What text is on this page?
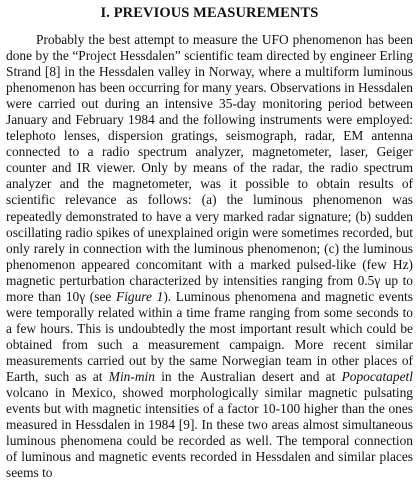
I. PREVIOUS MEASUREMENTS

Probably the best attempt to measure the UFO phenomenon has been done by the “Project Hessdalen” scientific team directed by engineer Erling Strand [8] in the Hessdalen valley in Norway, where a multiform luminous phenomenon has been occurring for many years. Observations in Hessdalen were carried out during an intensive 35-day monitoring period between January and February 1984 and the following instruments were employed: telephoto lenses, dispersion gratings, seismograph, radar, EM antenna connected to a radio spectrum analyzer, magnetometer, laser, Geiger counter and IR viewer. Only by means of the radar, the radio spectrum analyzer and the magnetometer, was it possible to obtain results of scientific relevance as follows: (a) the luminous phenomenon was repeatedly demonstrated to have a very marked radar signature; (b) sudden oscillating radio spikes of unexplained origin were sometimes recorded, but only rarely in connection with the luminous phenomenon; (c) the luminous phenomenon appeared concomitant with a marked pulsed-like (few Hz) magnetic perturbation characterized by intensities ranging from 0.5γ up to more than 10γ (see Figure 1). Luminous phenomena and magnetic events were temporally related within a time frame ranging from some seconds to a few hours. This is undoubtedly the most important result which could be obtained from such a measurement campaign. More recent similar measurements carried out by the same Norwegian team in other places of Earth, such as at Min-min in the Australian desert and at Popocatapetl volcano in Mexico, showed morphologically similar magnetic pulsating events but with magnetic intensities of a factor 10-100 higher than the ones measured in Hessdalen in 1984 [9]. In these two areas almost simultaneous luminous phenomena could be recorded as well. The temporal connection of luminous and magnetic events recorded in Hessdalen and similar places seems to
